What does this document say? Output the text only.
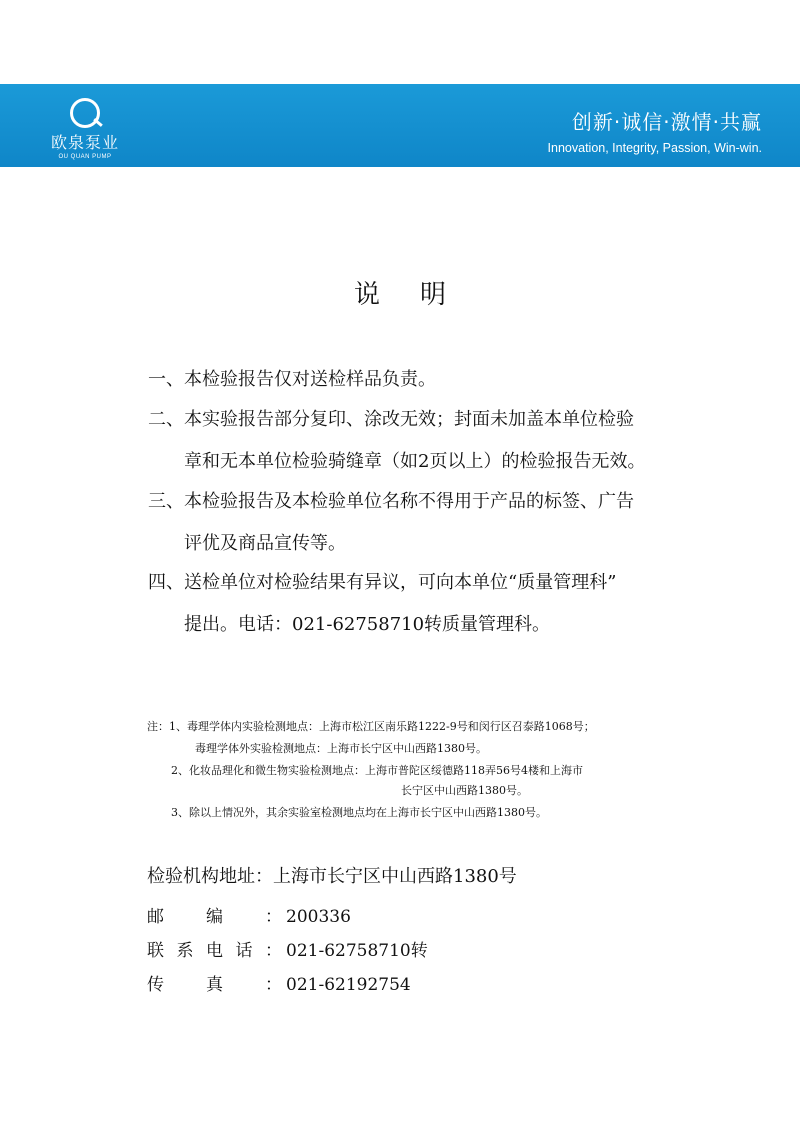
欧泉泵业
OU QUAN PUMP
创新·诚信·激情·共赢
Innovation, Integrity, Passion, Win-win.
说明
一、本检验报告仅对送检样品负责。
二、本实验报告部分复印、涂改无效；封面未加盖本单位检验
章和无本单位检验骑缝章（如2页以上）的检验报告无效。
三、本检验报告及本检验单位名称不得用于产品的标签、广告
评优及商品宣传等。
四、送检单位对检验结果有异议，可向本单位“质量管理科”
提出。电话：021-62758710转质量管理科。
注：1、毒理学体内实验检测地点：上海市松江区南乐路1222-9号和闵行区召泰路1068号；
毒理学体外实验检测地点：上海市长宁区中山西路1380号。
2、化妆品理化和微生物实验检测地点：上海市普陀区绥德路118弄56号4楼和上海市
长宁区中山西路1380号。
3、除以上情况外，其余实验室检测地点均在上海市长宁区中山西路1380号。
检验机构地址：上海市长宁区中山西路1380号
邮编： 200336
联系电话： 021-62758710转
传真： 021-62192754
